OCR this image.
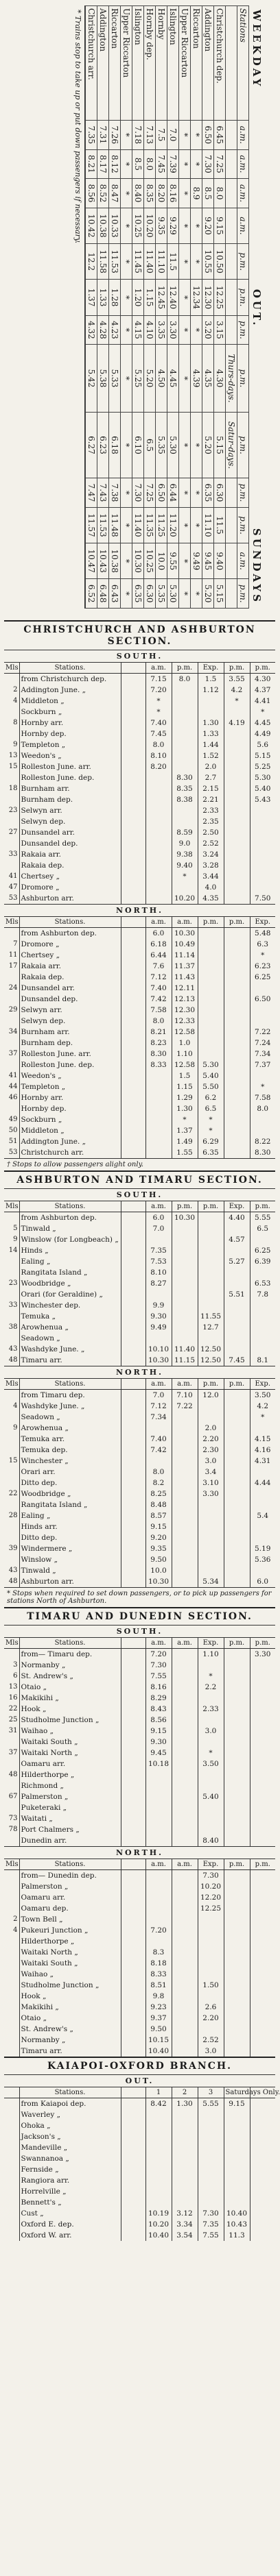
WEEKDAY
OUT.
SUNDAYS
Stations	a.m.	a.m.	a.m.	a.m.	p.m.	p.m.	p.m.	p.m.	p.m.	p.m.	p.m.	a.m.	p.m.
								Thurs-days.	Satur-days.				
Christchurch dep.	6.45	7.25	8.0	9.15	10.50	12.25	3.15	4.30	5.15	6.30	11.5	9.40	5.15
Addington	6.50	7.30	8.5	9.20	10.55	12.30	3.20	4.35	5.20	6.35	11.10	9.45	5.20
Riccarton	*	*	8.9	*	*	12.34	*	4.39	*	*	*	9.49	*
Upper Riccarton	*	*	*	*	*	*	*	*	*	*	*	*	*
Islington	7.0	7.39	8.16	9.29	11.5	12.40	3.30	4.45	5.30	6.44	11.20	9.55	5.30
Hornby	7.5	7.45	8.20	9.35	11.10	12.45	3.35	4.50	5.35	6.50	11.25	10.0	5.35
Hornby dep.	7.13	8.0	8.35	10.20	11.40	1.15	4.10	5.20	6.5	7.25	11.35	10.25	6.30
Islington	7.18	8.5	8.40	10.25	11.45	1.20	4.15	5.25	6.10	7.30	11.40	10.30	6.35
Upper Riccarton	*	*	*	*	*	*	*	*	*	*	*	*	*
Riccarton	7.26	8.12	8.47	10.33	11.53	1.28	4.23	5.33	6.18	7.38	11.48	10.38	6.43
Addington	7.31	8.17	8.52	10.38	11.58	1.33	4.28	5.38	6.23	7.43	11.53	10.43	6.48
Christchurch arr.	7.35	8.21	8.56	10.42	12.2	1.37	4.32	5.42	6.27	7.47	11.57	10.47	6.52
* Trains stop to take up or put down passengers if necessary.
CHRISTCHURCH AND ASHBURTON SECTION.
SOUTH.
Mls	Stations.		a.m.	p.m.	Exp.	p.m.	p.m.
	from Christchurch dep.		7.15	8.0	1.5	3.55	4.30
2	Addington June. „		7.20		1.12	4.2	4.37
4	Middleton „		*			*	4.41
	Sockburn „		*				*
8	Hornby arr.		7.40		1.30	4.19	4.45
	Hornby dep.		7.45		1.33		4.49
9	Templeton „		8.0		1.44		5.6
13	Weedon's „		8.10		1.52		5.15
15	Rolleston June. arr.		8.20		2.0		5.25
	Rolleston June. dep.			8.30	2.7		5.30
18	Burnham arr.			8.35	2.15		5.40
	Burnham dep.			8.38	2.21		5.43
23	Selwyn arr.				2.33		
	Selwyn dep.				2.35		
27	Dunsandel arr.			8.59	2.50		
	Dunsandel dep.			9.0	2.52		
33	Rakaia arr.			9.38	3.24		
	Rakaia dep.			9.40	3.28		
41	Chertsey „			*	3.44		
47	Dromore „				4.0		
53	Ashburton arr.			10.20	4.35		7.50
NORTH.
Mls	Stations.		a.m.	a.m.	p.m.	p.m.	Exp.
	from Ashburton dep.		6.0	10.30			5.48
7	Dromore „		6.18	10.49			6.3
11	Chertsey „		6.44	11.14			*
17	Rakaia arr.		7.6	11.37			6.23
	Rakaia dep.		7.12	11.43			6.25
24	Dunsandel arr.		7.40	12.11			
	Dunsandel dep.		7.42	12.13			6.50
29	Selwyn arr.		7.58	12.30			
	Selwyn dep.		8.0	12.33			
34	Burnham arr.		8.21	12.58			7.22
	Burnham dep.		8.23	1.0			7.24
37	Rolleston June. arr.		8.30	1.10			7.34
	Rolleston June. dep.		8.33	12.58	5.30		7.37
41	Weedon's „			1.5	5.40		
44	Templeton „			1.15	5.50		*
46	Hornby arr.			1.29	6.2		7.58
	Hornby dep.			1.30	6.5		8.0
49	Sockburn „			*	*		
50	Middleton „			1.37	*		
51	Addington June. „			1.49	6.29		8.22
53	Christchurch arr.			1.55	6.35		8.30
† Stops to allow passengers alight only.
ASHBURTON AND TIMARU SECTION.
SOUTH.
Mls	Stations.		a.m.	p.m.	p.m.	Exp.	p.m.
	from Ashburton dep.		6.0	10.30		4.40	5.55
5	Tinwald „		7.0				6.5
9	Winslow (for Longbeach) „					4.57	
14	Hinds „		7.35				6.25
	Ealing „		7.53			5.27	6.39
	Rangitata Island „		8.10				
23	Woodbridge „		8.27				6.53
	Orari (for Geraldine) „					5.51	7.8
33	Winchester dep.		9.9				
	Temuka „		9.30		11.55		
38	Arowhenua „		9.49		12.7		
	Seadown „						
43	Washdyke June. „		10.10	11.40	12.50		
48	Timaru arr.		10.30	11.15	12.50	7.45	8.1
NORTH.
Mls	Stations.		a.m.	a.m.	p.m.	p.m.	Exp.
	from Timaru dep.		7.0	7.10	12.0		3.50
4	Washdyke June. „		7.12	7.22			4.2
	Seadown „		7.34				*
9	Arowhenua „				2.0		
	Temuka arr.		7.40		2.20		4.15
	Temuka dep.		7.42		2.30		4.16
15	Winchester „				3.0		4.31
	Orari arr.		8.0		3.4		
	Ditto dep.		8.2		3.10		4.44
22	Woodbridge „		8.25		3.30		
	Rangitata Island „		8.48				
28	Ealing „		8.57				5.4
	Hinds arr.		9.15				
	Ditto dep.		9.20				
39	Windermere „		9.35				5.19
	Winslow „		9.50				5.36
43	Tinwald „		10.0				
48	Ashburton arr.		10.30		5.34		6.0
* Stops when required to set down passengers, or to pick up passengers for stations North of Ashburton.
TIMARU AND DUNEDIN SECTION.
SOUTH.
Mls	Stations.		a.m.	a.m.	Exp.	p.m.	p.m.
	from— Timaru dep.		7.20		1.10		3.30
3	Normanby „		7.30				
6	St. Andrew's „		7.55		*		
13	Otaio „		8.16		2.2		
16	Makikihi „		8.29				
22	Hook „		8.43		2.33		
25	Studholme Junction „		8.56				
31	Waihao „		9.15		3.0		
	Waitaki South „		9.30				
37	Waitaki North „		9.45		*		
	Oamaru arr.		10.18		3.50		
48	Hilderthorpe „						
	Richmond „						
67	Palmerston „				5.40		
	Puketeraki „						
73	Waitati „						
78	Port Chalmers „						
	Dunedin arr.				8.40		
NORTH.
Mls	Stations.		a.m.	a.m.	Exp.	p.m.	p.m.
	from— Dunedin dep.				7.30		
	Palmerston „				10.20		
	Oamaru arr.				12.20		
	Oamaru dep.				12.25		
2	Town Bell „						
4	Pukeuri Junction „		7.20				
	Hilderthorpe „						
	Waitaki North „		8.3				
	Waitaki South „		8.18				
	Waihao „		8.33				
	Studholme Junction „		8.51		1.50		
	Hook „		9.8				
	Makikihi „		9.23		2.6		
	Otaio „		9.37		2.20		
	St. Andrew's „		9.50				
	Normanby „		10.15		2.52		
	Timaru arr.		10.40		3.0		
KAIAPOI-OXFORD BRANCH.
OUT.
	Stations.		1	2	3	Saturdays Only.	
	from Kaiapoi dep.		8.42	1.30	5.55	9.15	
	Waverley „						
	Ohoka „						
	Jackson's „						
	Mandeville „						
	Swannanoa „						
	Fernside „						
	Rangiora arr.						
	Horrelville „						
	Bennett's „						
	Cust „		10.19	3.12	7.30	10.40	
	Oxford E. dep.		10.20	3.34	7.35	10.43	
	Oxford W. arr.		10.40	3.54	7.55	11.3	
